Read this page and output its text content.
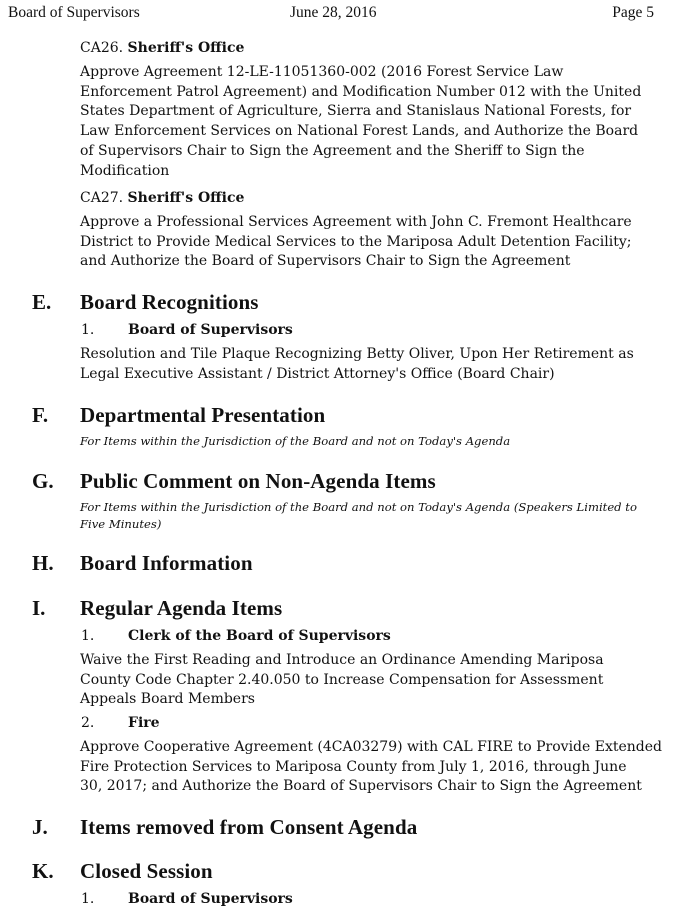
Board of Supervisors	June 28, 2016	Page 5
CA26. Sheriff's Office
Approve Agreement 12-LE-11051360-002 (2016 Forest Service Law
Enforcement Patrol Agreement) and Modification Number 012 with the United
States Department of Agriculture, Sierra and Stanislaus National Forests, for
Law Enforcement Services on National Forest Lands, and Authorize the Board
of Supervisors Chair to Sign the Agreement and the Sheriff to Sign the
Modification
CA27. Sheriff's Office
Approve a Professional Services Agreement with John C. Fremont Healthcare
District to Provide Medical Services to the Mariposa Adult Detention Facility;
and Authorize the Board of Supervisors Chair to Sign the Agreement
E. Board Recognitions
1. Board of Supervisors
Resolution and Tile Plaque Recognizing Betty Oliver, Upon Her Retirement as
Legal Executive Assistant / District Attorney's Office (Board Chair)
F. Departmental Presentation
For Items within the Jurisdiction of the Board and not on Today's Agenda
G. Public Comment on Non-Agenda Items
For Items within the Jurisdiction of the Board and not on Today's Agenda (Speakers Limited to
Five Minutes)
H. Board Information
I. Regular Agenda Items
1. Clerk of the Board of Supervisors
Waive the First Reading and Introduce an Ordinance Amending Mariposa
County Code Chapter 2.40.050 to Increase Compensation for Assessment
Appeals Board Members
2. Fire
Approve Cooperative Agreement (4CA03279) with CAL FIRE to Provide Extended
Fire Protection Services to Mariposa County from July 1, 2016, through June
30, 2017; and Authorize the Board of Supervisors Chair to Sign the Agreement
J. Items removed from Consent Agenda
K. Closed Session
1. Board of Supervisors
